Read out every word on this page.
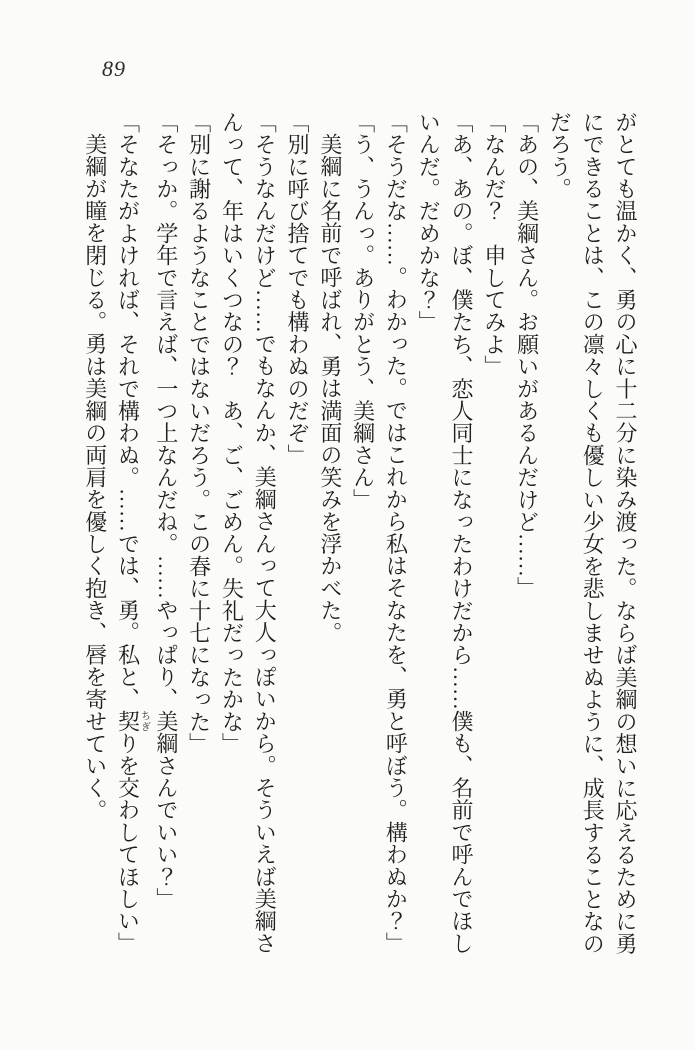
89

がとても温かく、勇の心に十二分に染み渡った。ならば美綱の想いに応えるために勇にできることは、この凛々しくも優しい少女を悲しませぬように、成長することなのだろう。

「あの、美綱さん。お願いがあるんだけど……」

「なんだ？　申してみよ」

「あ、あの。ぼ、僕たち、恋人同士になったわけだから……僕も、名前で呼んでほしいんだ。だめかな？」

「そうだな……。わかった。ではこれから私はそなたを、勇と呼ぼう。構わぬか？」

「う、うんっ。ありがとう、美綱さん」

美綱に名前で呼ばれ、勇は満面の笑みを浮かべた。

「別に呼び捨てでも構わぬのだぞ」

「そうなんだけど……でもなんか、美綱さんって大人っぽいから。そういえば美綱さんって、年はいくつなの？　あ、ご、ごめん。失礼だったかな」

「別に謝るようなことではないだろう。この春に十七になった」

「そっか。学年で言えば、一つ上なんだね。……やっぱり、美綱さんでいい？」

「そなたがよければ、それで構わぬ。……では、勇。私と、契ちぎりを交わしてほしい」

美綱が瞳を閉じる。勇は美綱の両肩を優しく抱き、唇を寄せていく。
